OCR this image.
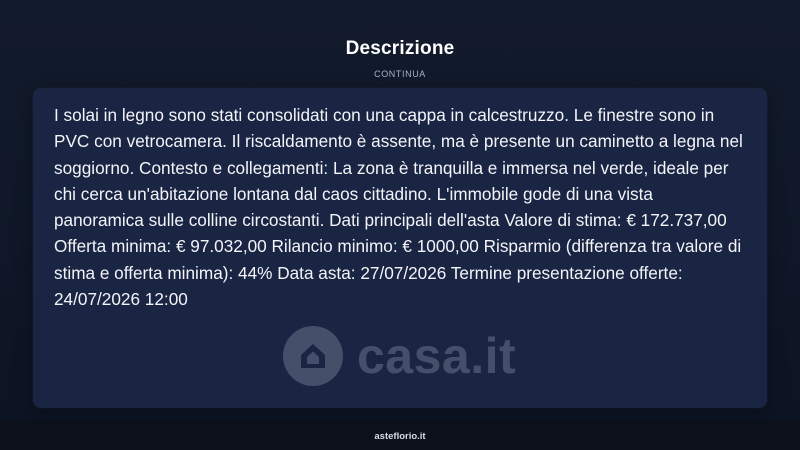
Descrizione
CONTINUA
casa.it
I solai in legno sono stati consolidati con una cappa in calcestruzzo. Le finestre sono in PVC con vetrocamera. Il riscaldamento è assente, ma è presente un caminetto a legna nel soggiorno. Contesto e collegamenti: La zona è tranquilla e immersa nel verde, ideale per chi cerca un'abitazione lontana dal caos cittadino. L'immobile gode di una vista panoramica sulle colline circostanti. Dati principali dell'asta Valore di stima: € 172.737,00 Offerta minima: € 97.032,00 Rilancio minimo: € 1000,00 Risparmio (differenza tra valore di stima e offerta minima): 44% Data asta: 27/07/2026 Termine presentazione offerte: 24/07/2026 12:00
asteflorio.it
